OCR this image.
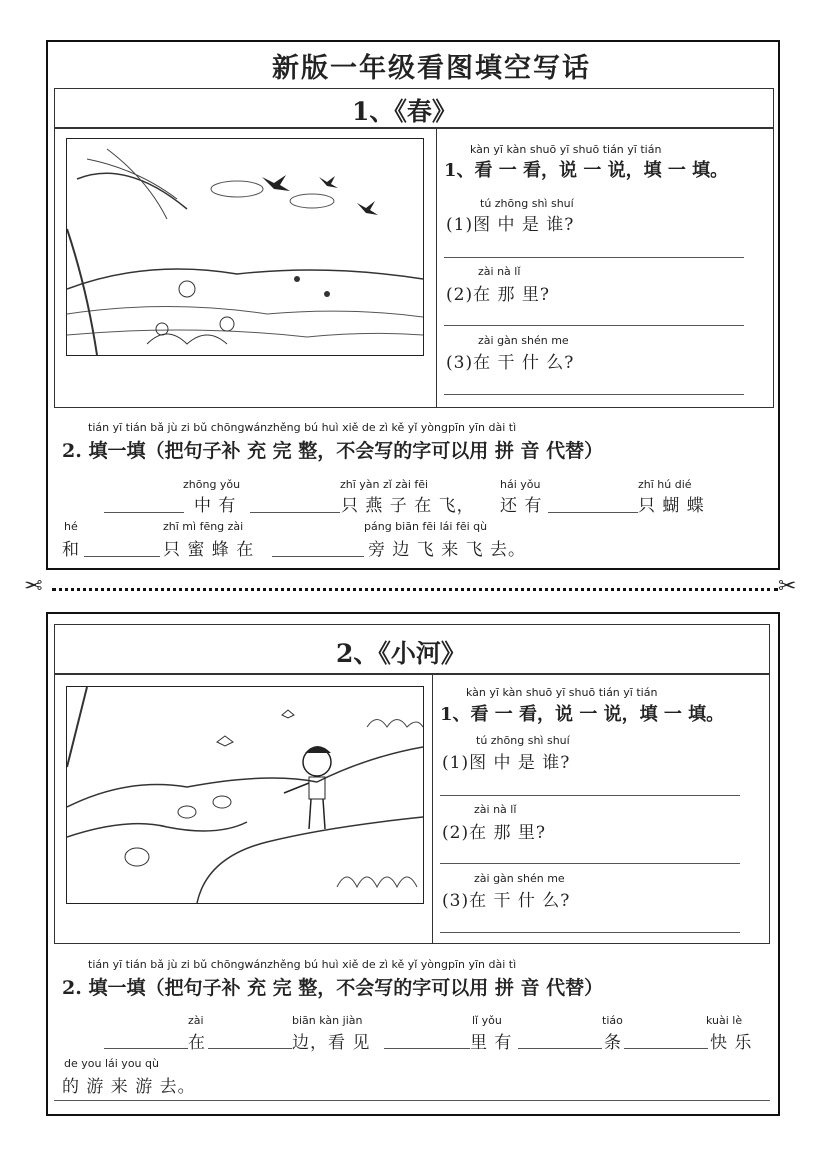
新版一年级看图填空写话
1、《春》
kàn yī kàn shuō yī shuō tián yī tián
1、看 一 看，说 一 说，填 一 填。
tú zhōng shì shuí
(1)图 中 是 谁?
zài nà lǐ
(2)在 那 里?
zài gàn shén me
(3)在 干 什 么?
tián yī tián bǎ jù zi bǔ chōngwánzhěng bú huì xiě de zì kě yǐ yòngpīn yīn dài tì
2. 填一填（把句子补 充 完 整，不会写的字可以用 拼 音 代替）
zhōng yǒu
中 有
zhī yàn zǐ zài fēi
只 燕 子 在 飞，
hái yǒu
还 有
zhī hú dié
只 蝴 蝶
hé
和
zhī mì fēng zài
只 蜜 蜂 在
páng biān fēi lái fēi qù
旁 边 飞 来 飞 去。
✂	✂
2、《小河》
kàn yī kàn shuō yī shuō tián yī tián
1、看 一 看，说 一 说，填 一 填。
tú zhōng shì shuí
(1)图 中 是 谁?
zài nà lǐ
(2)在 那 里?
zài gàn shén me
(3)在 干 什 么?
tián yī tián bǎ jù zi bǔ chōngwánzhěng bú huì xiě de zì kě yǐ yòngpīn yīn dài tì
2. 填一填（把句子补 充 完 整，不会写的字可以用 拼 音 代替）
zài
在
biān kàn jiàn
边，看 见
lǐ yǒu
里 有
tiáo
条
kuài lè
快 乐
de you lái you qù
的 游 来 游 去。
